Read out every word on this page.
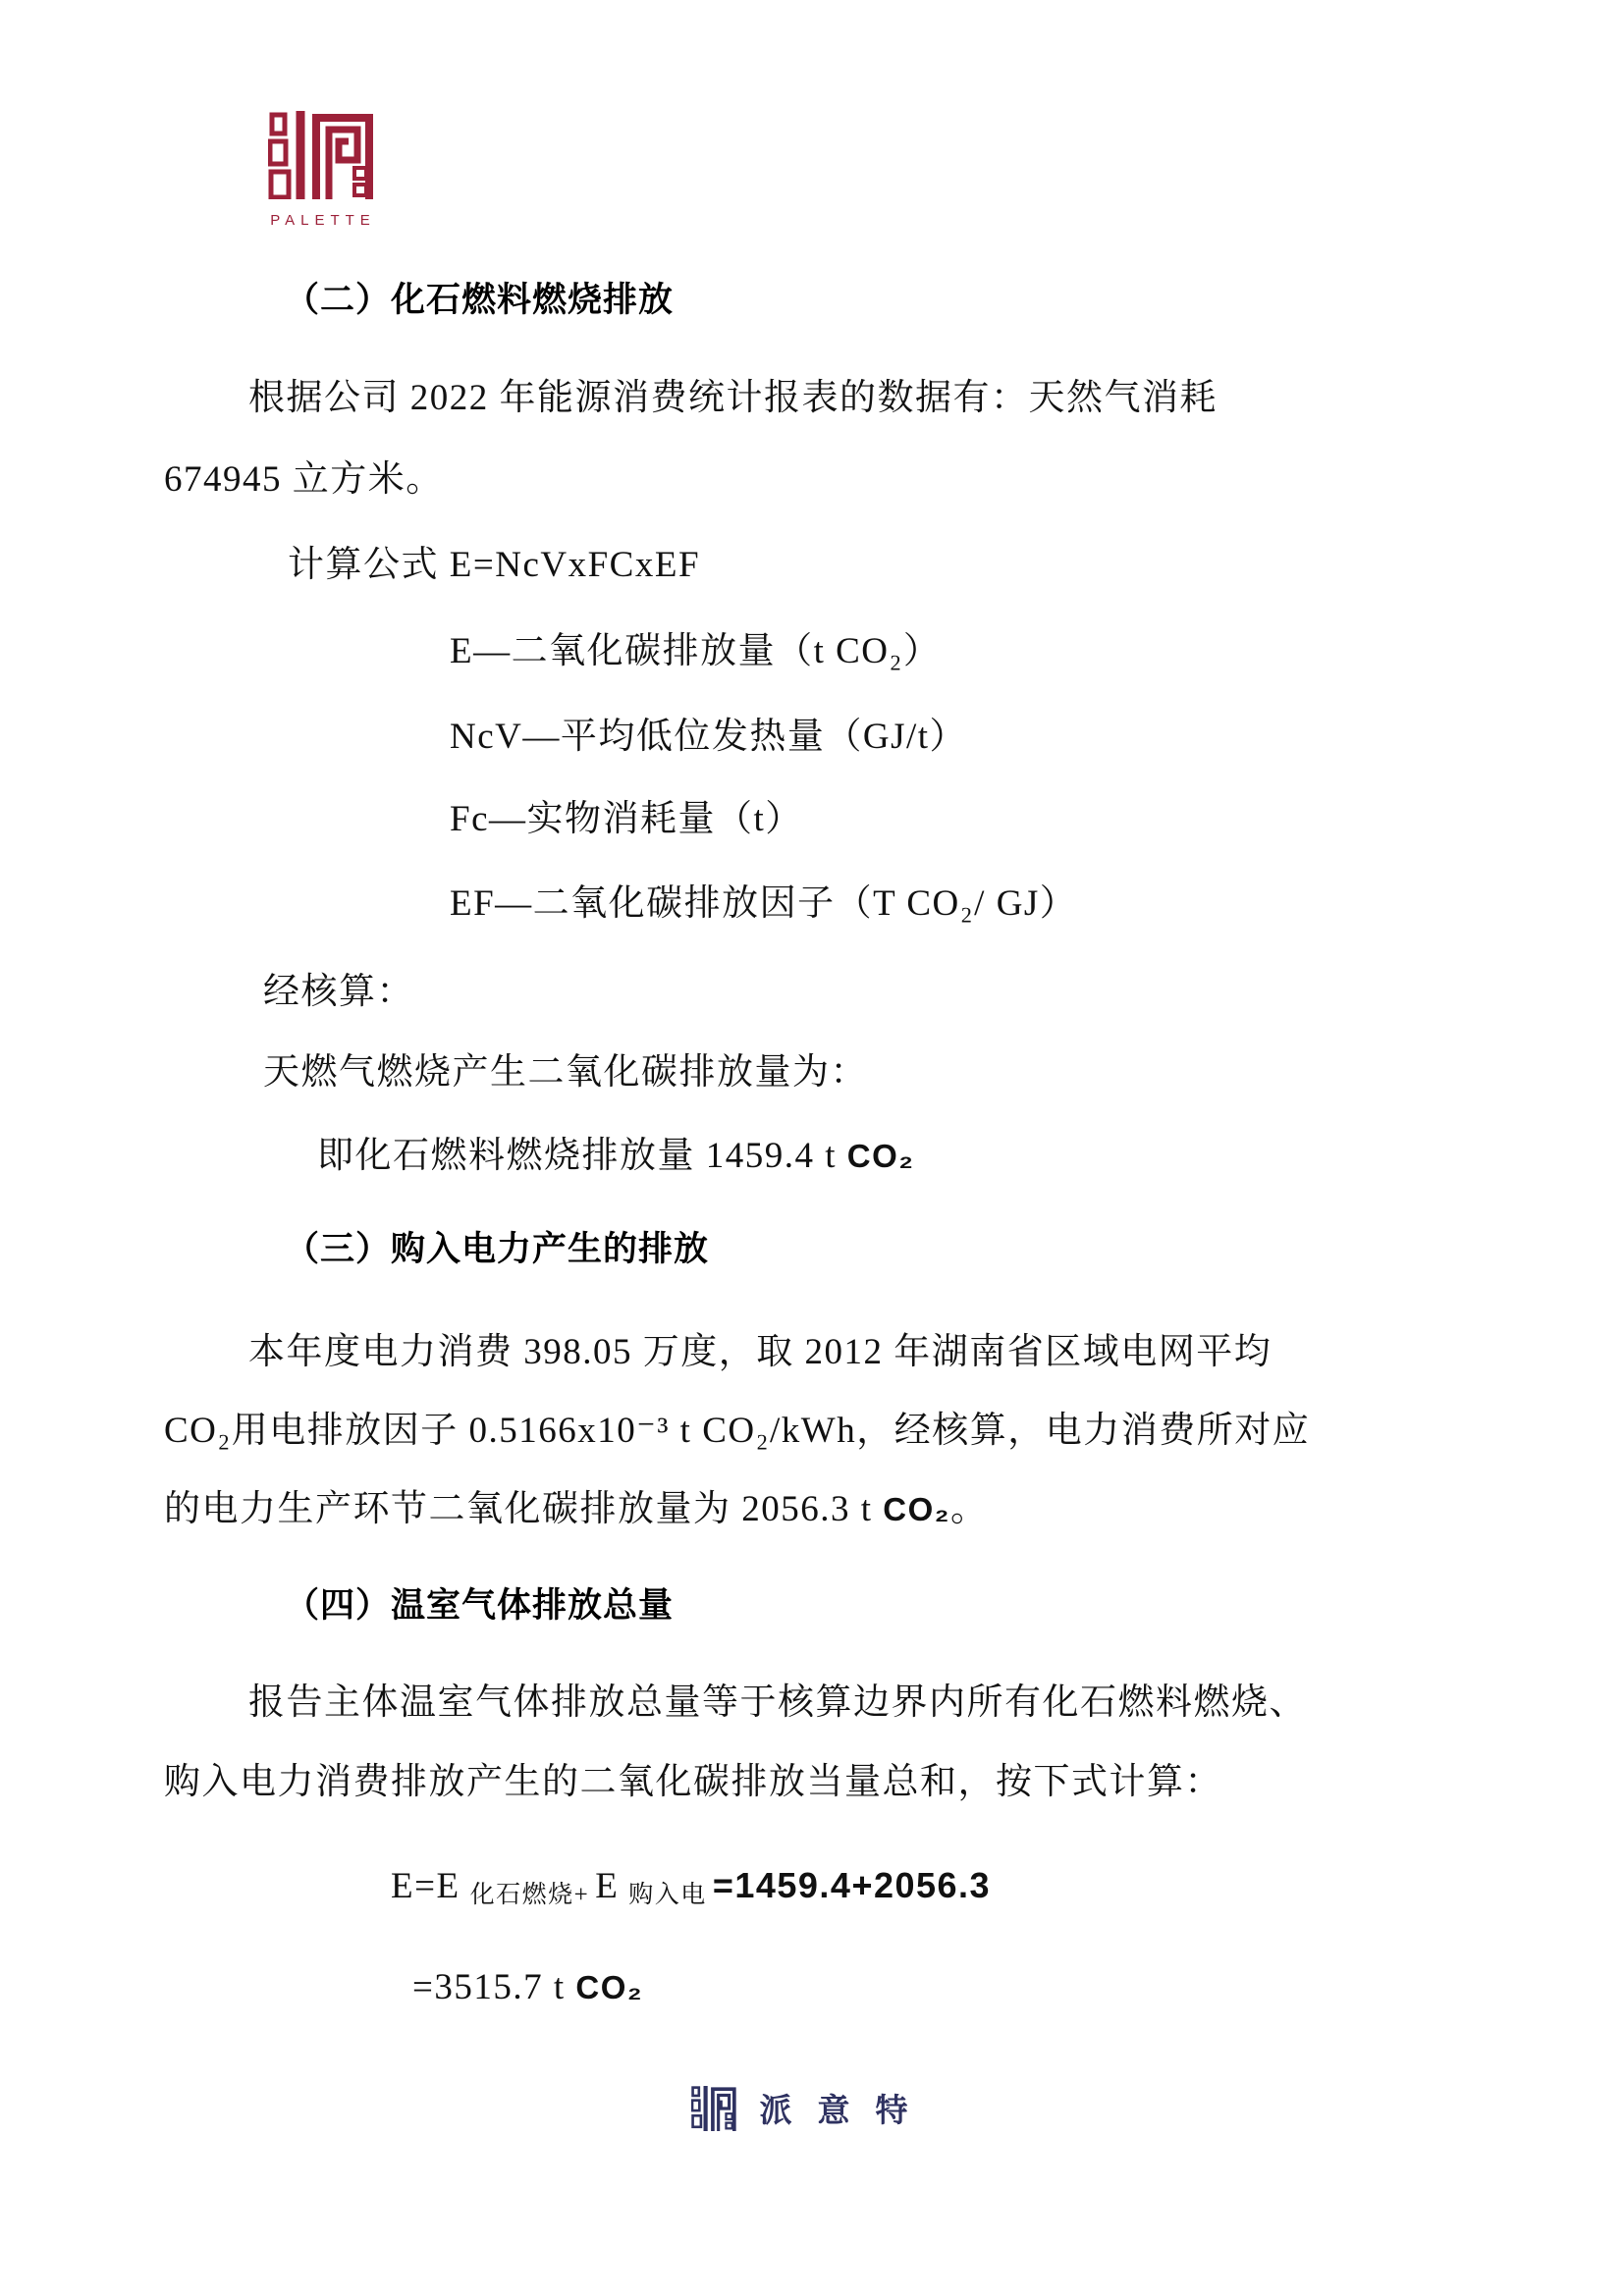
PALETTE
（二）化石燃料燃烧排放
根据公司 2022 年能源消费统计报表的数据有：天然气消耗
674945 立方米。
计算公式 E=NcVxFCxEF
E—二氧化碳排放量（t CO₂）
NcV—平均低位发热量（GJ/t）
Fc—实物消耗量（t）
EF—二氧化碳排放因子（T CO₂/ GJ）
经核算：
天燃气燃烧产生二氧化碳排放量为：
即化石燃料燃烧排放量 1459.4 t CO₂
（三）购入电力产生的排放
本年度电力消费 398.05 万度，取 2012 年湖南省区域电网平均
CO₂用电排放因子 0.5166x10⁻³ t CO₂/kWh，经核算，电力消费所对应
的电力生产环节二氧化碳排放量为 2056.3 t CO₂。
（四）温室气体排放总量
报告主体温室气体排放总量等于核算边界内所有化石燃料燃烧、
购入电力消费排放产生的二氧化碳排放当量总和，按下式计算：
E=E $_{化石燃烧+}$ E $_{购入电}$ =1459.4+2056.3
=3515.7 t CO₂
派意特
